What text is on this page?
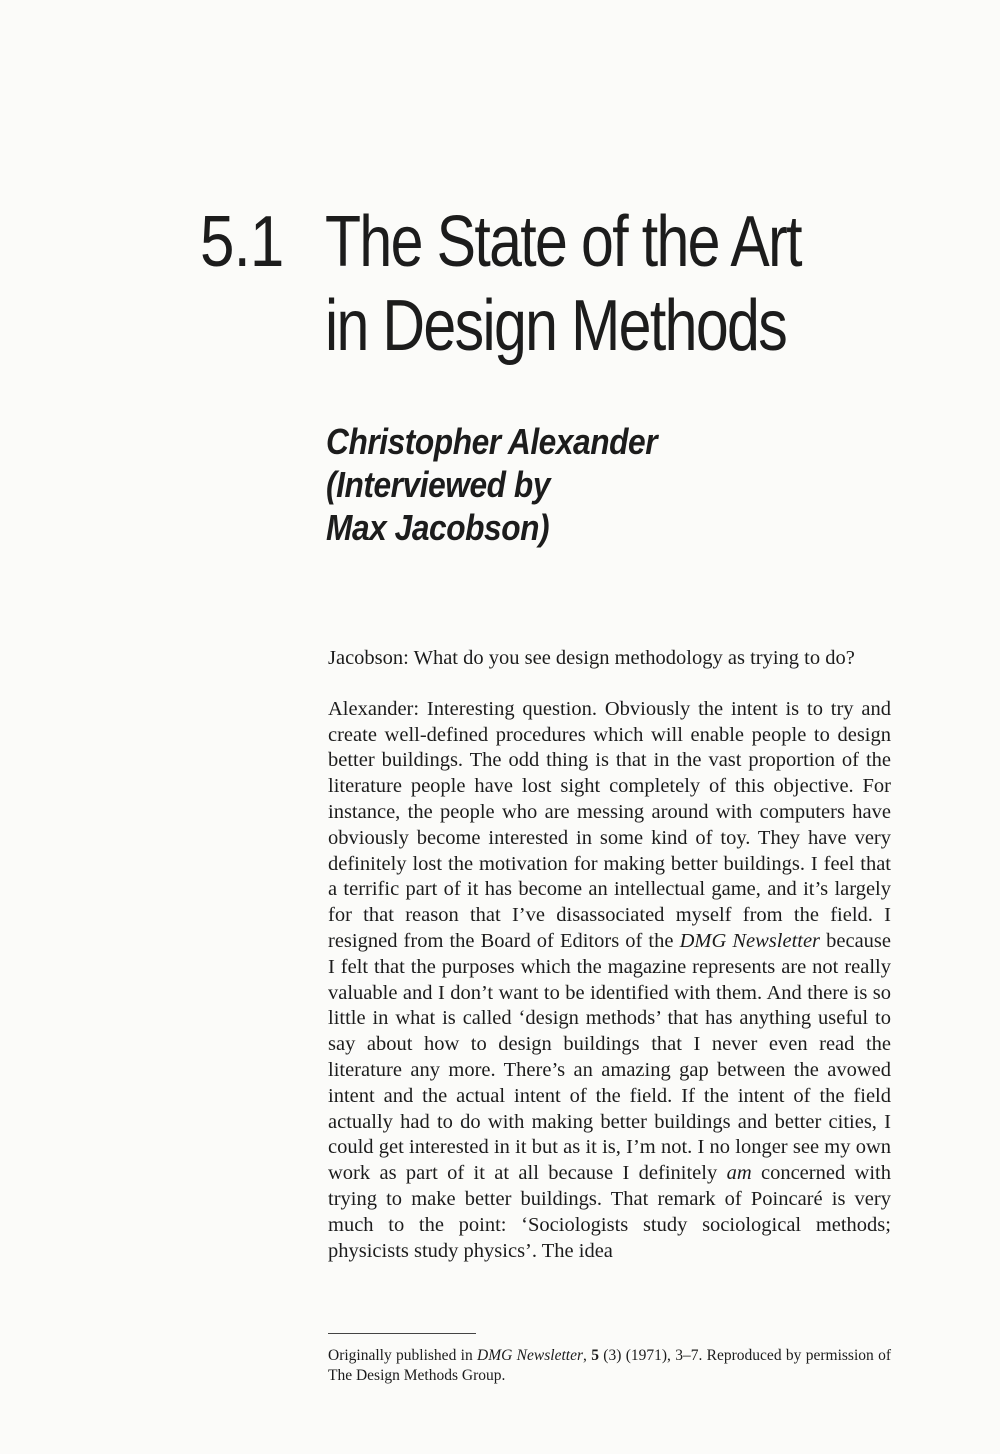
5.1 The State of the Art
in Design Methods
Christopher Alexander
(Interviewed by
Max Jacobson)

Jacobson: What do you see design methodology as trying to do?

Alexander: Interesting question. Obviously the intent is to try and create well-defined procedures which will enable people to design better buildings. The odd thing is that in the vast proportion of the literature people have lost sight completely of this objective. For instance, the people who are messing around with computers have obviously become interested in some kind of toy. They have very definitely lost the motivation for making better buildings. I feel that a terrific part of it has become an intellectual game, and it’s largely for that reason that I’ve disassociated myself from the field. I resigned from the Board of Editors of the DMG Newsletter because I felt that the purposes which the magazine represents are not really valuable and I don’t want to be identified with them. And there is so little in what is called ‘design methods’ that has anything useful to say about how to design buildings that I never even read the literature any more. There’s an amazing gap between the avowed intent and the actual intent of the field. If the intent of the field actually had to do with making better buildings and better cities, I could get interested in it but as it is, I’m not. I no longer see my own work as part of it at all because I definitely am concerned with trying to make better buildings. That remark of Poincaré is very much to the point: ‘Sociologists study sociological methods; physicists study physics’. The idea

Originally published in DMG Newsletter, 5 (3) (1971), 3–7. Reproduced by permission of The Design Methods Group.
